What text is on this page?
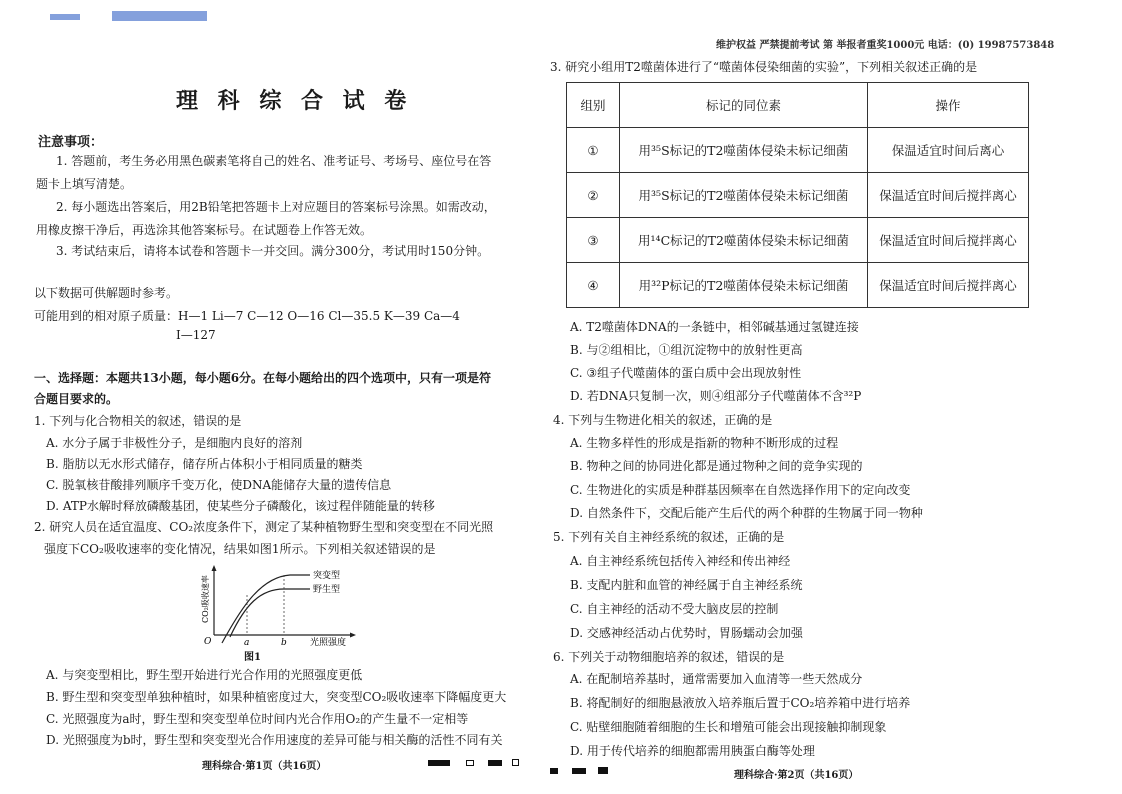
维护权益 严禁提前考试 第 举报者重奖1000元 电话：(0) 19987573848
理 科 综 合 试 卷
注意事项：
1. 答题前，考生务必用黑色碳素笔将自己的姓名、准考证号、考场号、座位号在答
题卡上填写清楚。
2. 每小题选出答案后，用2B铅笔把答题卡上对应题目的答案标号涂黑。如需改动，
用橡皮擦干净后，再选涂其他答案标号。在试题卷上作答无效。
3. 考试结束后，请将本试卷和答题卡一并交回。满分300分，考试用时150分钟。
以下数据可供解题时参考。
可能用到的相对原子质量：H—1 Li—7 C—12 O—16 Cl—35.5 K—39 Ca—4
I—127
一、选择题：本题共13小题，每小题6分。在每小题给出的四个选项中，只有一项是符
合题目要求的。
1. 下列与化合物相关的叙述，错误的是
A. 水分子属于非极性分子，是细胞内良好的溶剂
B. 脂肪以无水形式储存，储存所占体积小于相同质量的糖类
C. 脱氧核苷酸排列顺序千变万化，使DNA能储存大量的遗传信息
D. ATP水解时释放磷酸基团，使某些分子磷酸化，该过程伴随能量的转移
2. 研究人员在适宜温度、CO₂浓度条件下，测定了某种植物野生型和突变型在不同光照
强度下CO₂吸收速率的变化情况，结果如图1所示。下列相关叙述错误的是
O	a	b	光照强度
突变型
野生型
CO₂吸收速率
图1
A. 与突变型相比，野生型开始进行光合作用的光照强度更低
B. 野生型和突变型单独种植时，如果种植密度过大，突变型CO₂吸收速率下降幅度更大
C. 光照强度为a时，野生型和突变型单位时间内光合作用O₂的产生量不一定相等
D. 光照强度为b时，野生型和突变型光合作用速度的差异可能与相关酶的活性不同有关
理科综合·第1页（共16页）
3. 研究小组用T2噬菌体进行了“噬菌体侵染细菌的实验”，下列相关叙述正确的是
组别	标记的同位素	操作
①	用³⁵S标记的T2噬菌体侵染未标记细菌	保温适宜时间后离心
②	用³⁵S标记的T2噬菌体侵染未标记细菌	保温适宜时间后搅拌离心
③	用¹⁴C标记的T2噬菌体侵染未标记细菌	保温适宜时间后搅拌离心
④	用³²P标记的T2噬菌体侵染未标记细菌	保温适宜时间后搅拌离心
A. T2噬菌体DNA的一条链中，相邻碱基通过氢键连接
B. 与②组相比，①组沉淀物中的放射性更高
C. ③组子代噬菌体的蛋白质中会出现放射性
D. 若DNA只复制一次，则④组部分子代噬菌体不含³²P
4. 下列与生物进化相关的叙述，正确的是
A. 生物多样性的形成是指新的物种不断形成的过程
B. 物种之间的协同进化都是通过物种之间的竞争实现的
C. 生物进化的实质是种群基因频率在自然选择作用下的定向改变
D. 自然条件下，交配后能产生后代的两个种群的生物属于同一物种
5. 下列有关自主神经系统的叙述，正确的是
A. 自主神经系统包括传入神经和传出神经
B. 支配内脏和血管的神经属于自主神经系统
C. 自主神经的活动不受大脑皮层的控制
D. 交感神经活动占优势时，胃肠蠕动会加强
6. 下列关于动物细胞培养的叙述，错误的是
A. 在配制培养基时，通常需要加入血清等一些天然成分
B. 将配制好的细胞悬液放入培养瓶后置于CO₂培养箱中进行培养
C. 贴壁细胞随着细胞的生长和增殖可能会出现接触抑制现象
D. 用于传代培养的细胞都需用胰蛋白酶等处理
理科综合·第2页（共16页）
